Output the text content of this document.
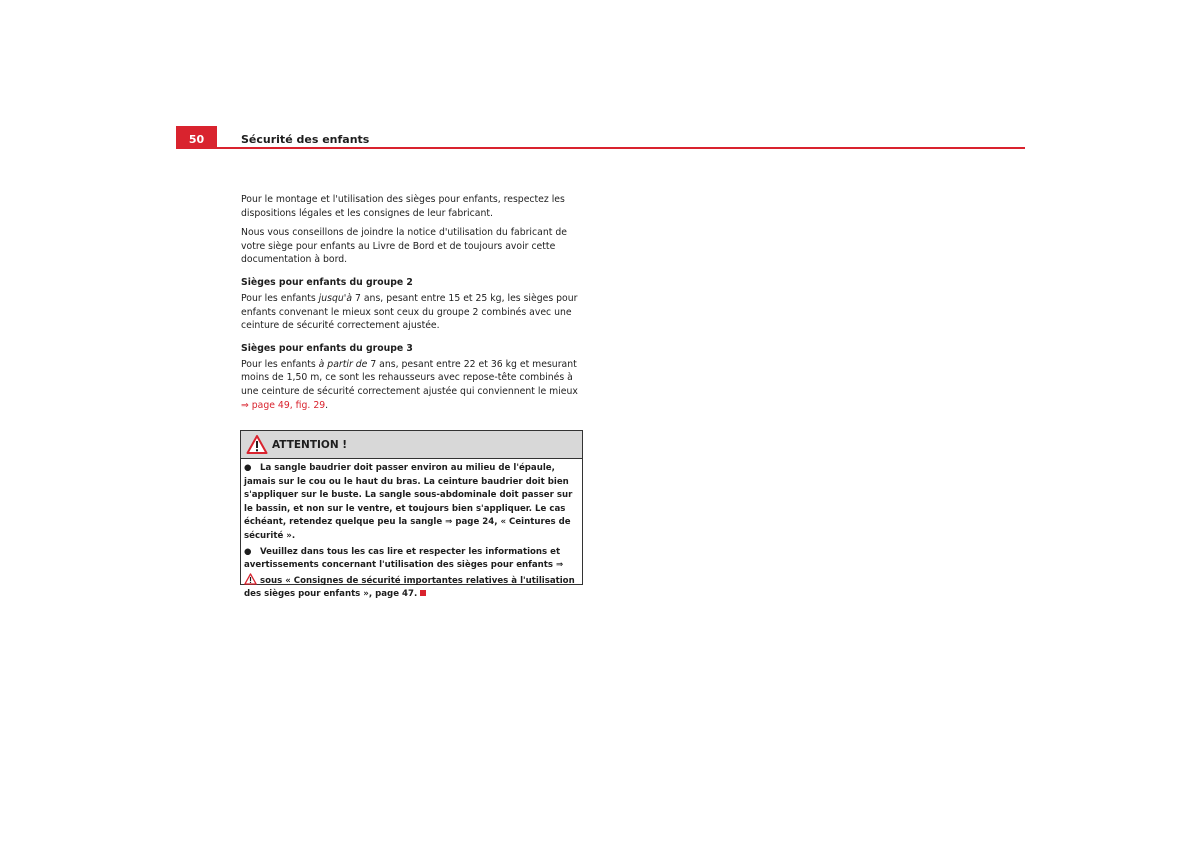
50	Sécurité des enfants

Pour le montage et l'utilisation des sièges pour enfants, respectez les dispositions légales et les consignes de leur fabricant.

Nous vous conseillons de joindre la notice d'utilisation du fabricant de votre siège pour enfants au Livre de Bord et de toujours avoir cette documentation à bord.

Sièges pour enfants du groupe 2

Pour les enfants jusqu'à 7 ans, pesant entre 15 et 25 kg, les sièges pour enfants convenant le mieux sont ceux du groupe 2 combinés avec une ceinture de sécurité correctement ajustée.

Sièges pour enfants du groupe 3

Pour les enfants à partir de 7 ans, pesant entre 22 et 36 kg et mesurant moins de 1,50 m, ce sont les rehausseurs avec repose-tête combinés à une ceinture de sécurité correctement ajustée qui conviennent le mieux ⇒ page 49, fig. 29.

ATTENTION !

● La sangle baudrier doit passer environ au milieu de l'épaule, jamais sur le cou ou le haut du bras. La ceinture baudrier doit bien s'appliquer sur le buste. La sangle sous-abdominale doit passer sur le bassin, et non sur le ventre, et toujours bien s'appliquer. Le cas échéant, retendez quelque peu la sangle ⇒ page 24, « Ceintures de sécurité ».

● Veuillez dans tous les cas lire et respecter les informations et avertissements concernant l'utilisation des sièges pour enfants ⇒  sous « Consignes de sécurité importantes relatives à l'utilisation des sièges pour enfants », page 47.
